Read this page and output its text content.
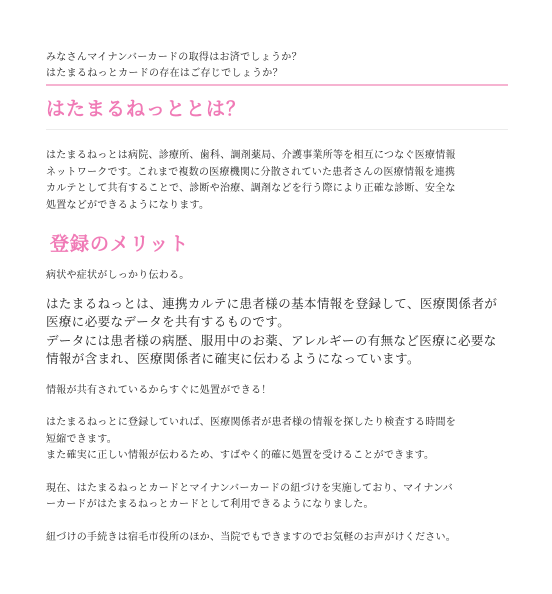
みなさんマイナンバーカードの取得はお済でしょうか？
はたまるねっとカードの存在はご存じでしょうか？
はたまるねっととは？
はたまるねっとは病院、診療所、歯科、調剤薬局、介護事業所等を相互につなぐ医療情報
ネットワークです。これまで複数の医療機関に分散されていた患者さんの医療情報を連携
カルテとして共有することで、診断や治療、調剤などを行う際により正確な診断、安全な
処置などができるようになります。
登録のメリット
病状や症状がしっかり伝わる。
はたまるねっとは、連携カルテに患者様の基本情報を登録して、医療関係者が
医療に必要なデータを共有するものです。
データには患者様の病歴、服用中のお薬、アレルギーの有無など医療に必要な
情報が含まれ、医療関係者に確実に伝わるようになっています。
情報が共有されているからすぐに処置ができる！
はたまるねっとに登録していれば、医療関係者が患者様の情報を探したり検査する時間を
短縮できます。
また確実に正しい情報が伝わるため、すばやく的確に処置を受けることができます。
現在、はたまるねっとカードとマイナンバーカードの紐づけを実施しており、マイナンバ
ーカードがはたまるねっとカードとして利用できるようになりました。
紐づけの手続きは宿毛市役所のほか、当院でもできますのでお気軽のお声がけください。
